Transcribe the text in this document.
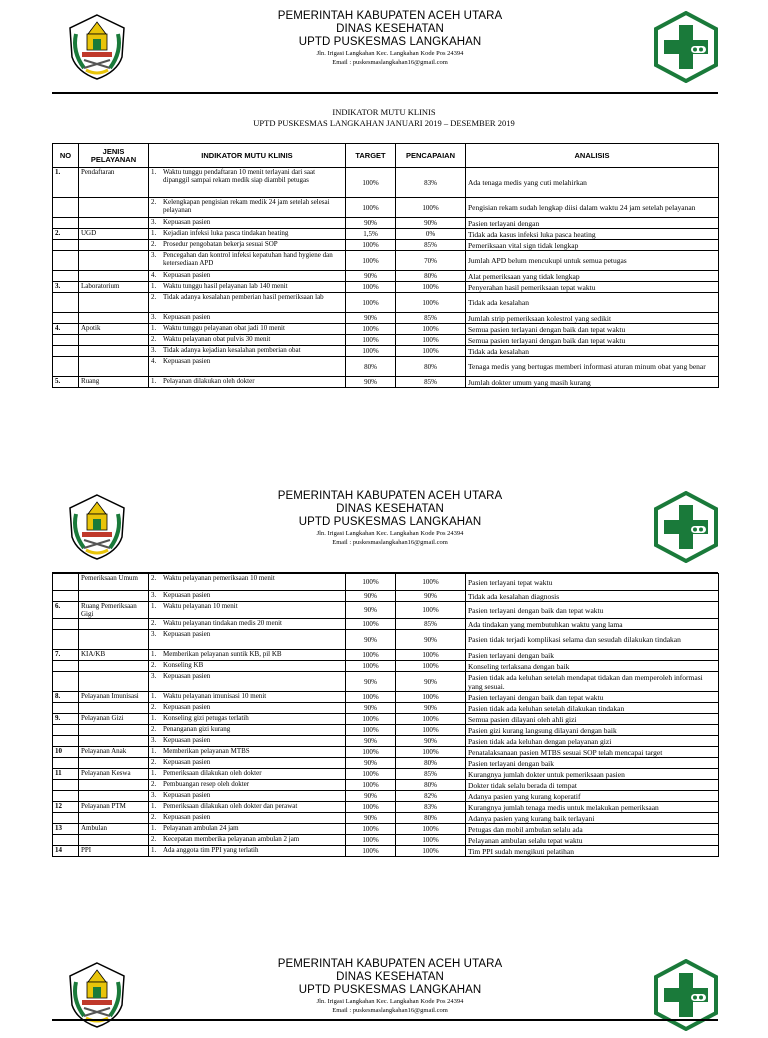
PEMERINTAH KABUPATEN ACEH UTARA
DINAS KESEHATAN
UPTD PUSKESMAS LANGKAHAN
Jln. Irigasi Langkahan Kec. Langkahan Kode Pos 24394
Email : puskesmaslangkahan16@gmail.com
PEMERINTAH KABUPATEN ACEH UTARA
DINAS KESEHATAN
UPTD PUSKESMAS LANGKAHAN
Jln. Irigasi Langkahan Kec. Langkahan Kode Pos 24394
Email : puskesmaslangkahan16@gmail.com
PEMERINTAH KABUPATEN ACEH UTARA
DINAS KESEHATAN
UPTD PUSKESMAS LANGKAHAN
Jln. Irigasi Langkahan Kec. Langkahan Kode Pos 24394
Email : puskesmaslangkahan16@gmail.com
INDIKATOR MUTU KLINIS
UPTD PUSKESMAS LANGKAHAN JANUARI 2019 – DESEMBER 2019
NO	JENIS PELAYANAN	INDIKATOR MUTU KLINIS	TARGET	PENCAPAIAN	ANALISIS
1.	Pendaftaran	1. Waktu tunggu pendaftaran 10 menit terlayani dari saat dipanggil sampai rekam medik siap diambil petugas	100%	83%	Ada tenaga medis yang cuti melahirkan
		2. Kelengkapan pengisian rekam medik 24 jam setelah selesai pelayanan	100%	100%	Pengisian rekam sudah lengkap diisi dalam waktu 24 jam setelah pelayanan
		3. Kepuasan pasien	90%	90%	Pasien terlayani dengan
2.	UGD	1. Kejadian infeksi luka pasca tindakan heating	1,5%	0%	Tidak ada kasus infeksi luka pasca heating
		2. Prosedur pengobatan bekerja sesuai SOP	100%	85%	Pemeriksaan vital sign tidak lengkap
		3. Pencegahan dan kontrol infeksi kepatuhan hand hygiene dan ketersediaan APD	100%	70%	Jumlah APD belum mencukupi untuk semua petugas
		4. Kepuasan pasien	90%	80%	Alat pemeriksaan yang tidak lengkap
3.	Laboratorium	1. Waktu tunggu hasil pelayanan lab 140 menit	100%	100%	Penyerahan hasil pemeriksaan tepat waktu
		2. Tidak adanya kesalahan pemberian hasil pemeriksaan lab	100%	100%	Tidak ada kesalahan
		3. Kepuasan pasien	90%	85%	Jumlah strip pemeriksaan kolestrol yang sedikit
4.	Apotik	1. Waktu tunggu pelayanan obat jadi 10 menit	100%	100%	Semua pasien terlayani dengan baik dan tepat waktu
		2. Waktu pelayanan obat pulvis 30 menit	100%	100%	Semua pasien terlayani dengan baik dan tepat waktu
		3. Tidak adanya kejadian kesalahan pemberian obat	100%	100%	Tidak ada kesalahan
		4. Kepuasan pasien	80%	80%	Tenaga medis yang bertugas memberi informasi aturan minum obat yang benar
5.	Ruang	1. Pelayanan dilakukan oleh dokter	90%	85%	Jumlah dokter umum yang masih kurang
	Pemeriksaan Umum	2. Waktu pelayanan pemeriksaan 10 menit	100%	100%	Pasien terlayani tepat waktu
		3. Kepuasan pasien	90%	90%	Tidak ada kesalahan diagnosis
6.	Ruang Pemeriksaan Gigi	1. Waktu pelayanan 10 menit	90%	100%	Pasien terlayani dengan baik dan tepat waktu
		2. Waktu pelayanan tindakan medis 20 menit	100%	85%	Ada tindakan yang membutuhkan waktu yang lama
		3. Kepuasan pasien	90%	90%	Pasien tidak terjadi komplikasi selama dan sesudah dilakukan tindakan
7.	KIA/KB	1. Memberikan pelayanan suntik KB, pil KB	100%	100%	Pasien terlayani dengan baik
		2. Konseling KB	100%	100%	Konseling terlaksana dengan baik
		3. Kepuasan pasien	90%	90%	Pasien tidak ada keluhan setelah mendapat tidakan dan memperoleh informasi yang sesuai.
8.	Pelayanan Imunisasi	1. Waktu pelayanan imunisasi 10 menit	100%	100%	Pasien terlayani dengan baik dan tepat waktu
		2. Kepuasan pasien	90%	90%	Pasien tidak ada keluhan setelah dilakukan tindakan
9.	Pelayanan Gizi	1. Konseling gizi petugas terlatih	100%	100%	Semua pasien dilayani oleh ahli gizi
		2. Penanganan gizi kurang	100%	100%	Pasien gizi kurang langsung dilayani dengan baik
		3. Kepuasan pasien	90%	90%	Pasien tidak ada keluhan dengan pelayanan gizi
10	Pelayanan Anak	1. Memberikan pelayanan MTBS	100%	100%	Penatalaksanaan pasien MTBS sesuai SOP telah mencapai target
		2. Kepuasan pasien	90%	80%	Pasien terlayani dengan baik
11	Pelayanan Keswa	1. Pemeriksaan dilakukan oleh dokter	100%	85%	Kurangnya jumlah dokter untuk pemeriksaan pasien
		2. Pembuangan resep oleh dokter	100%	80%	Dokter tidak selalu berada di tempat
		3. Kepuasan pasien	90%	82%	Adanya pasien yang kurang koperatif
12	Pelayanan PTM	1. Pemeriksaan dilakukan oleh dokter dan perawat	100%	83%	Kurangnya jumlah tenaga medis untuk melakukan pemeriksaan
		2. Kepuasan pasien	90%	80%	Adanya pasien yang kurang baik terlayani
13	Ambulan	1. Pelayanan ambulan 24 jam	100%	100%	Petugas dan mobil ambulan selalu ada
		2. Kecepatan memberika pelayanan ambulan 2 jam	100%	100%	Pelayanan ambulan selalu tepat waktu
14	PPI	1. Ada anggota tim PPI yang terlatih	100%	100%	Tim PPI sudah mengikuti pelatihan
